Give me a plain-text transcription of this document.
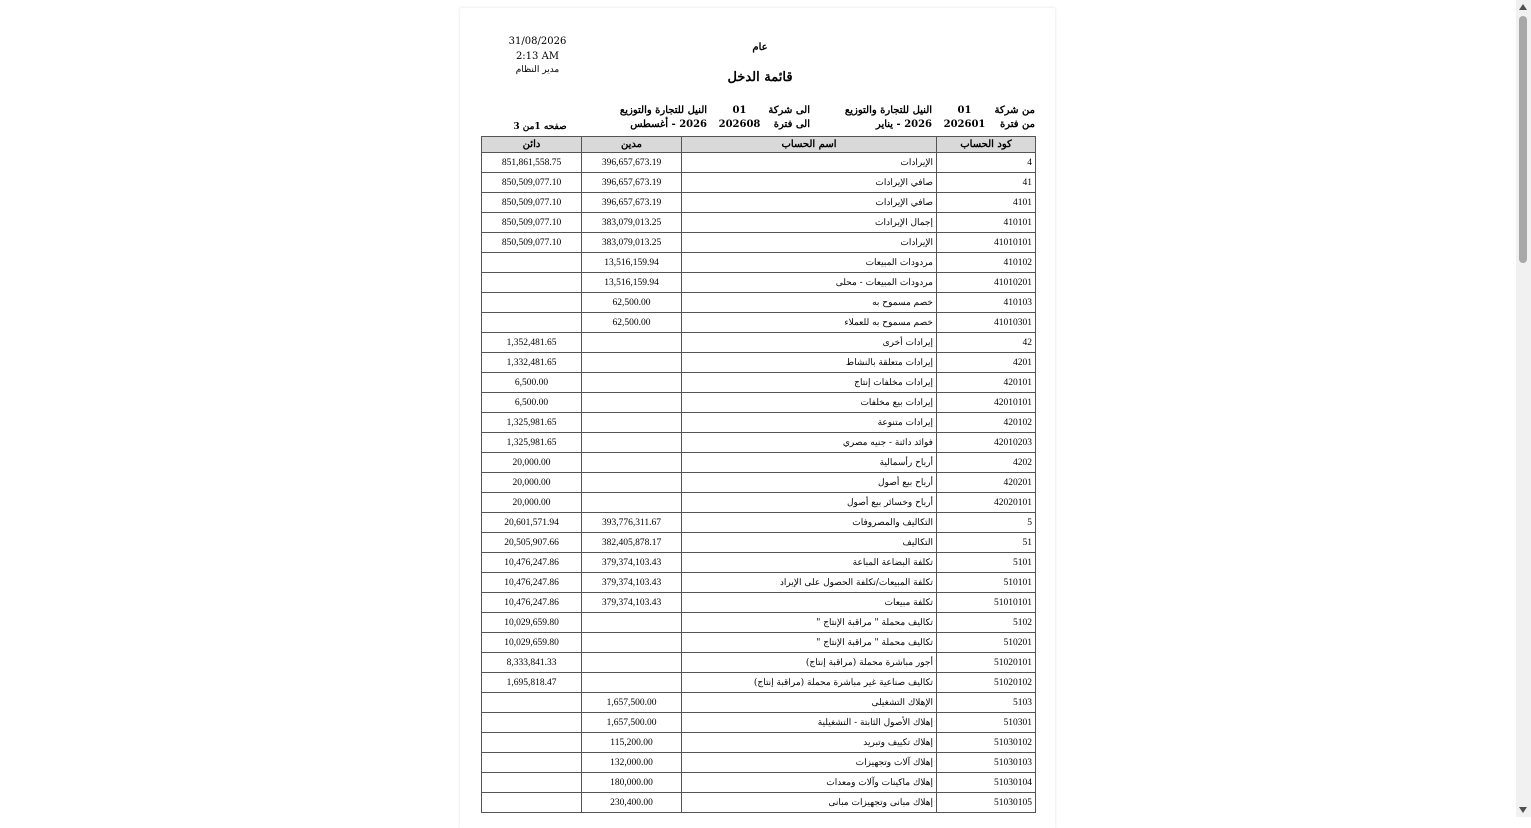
31/08/2026
2:13 AM
مدير النظام
عام
قائمة الدخل
من شركة 01 النيل للتجارة والتوزيع
من فترة 202601 2026 - يناير
الى شركة 01 النيل للتجارة والتوزيع
الى فترة 202608 2026 - أغسطس
صفحه 1من 3
دائن	مدين	اسم الحساب	كود الحساب
851,861,558.75	396,657,673.19	الإيرادات	4
850,509,077.10	396,657,673.19	صافي الإيرادات	41
850,509,077.10	396,657,673.19	صافي الإيرادات	4101
850,509,077.10	383,079,013.25	إجمال الإيرادات	410101
850,509,077.10	383,079,013.25	الإيرادات	41010101
	13,516,159.94	مردودات المبيعات	410102
	13,516,159.94	مردودات المبيعات - محلى	41010201
	62,500.00	خصم مسموح به	410103
	62,500.00	خصم مسموح به للعملاء	41010301
1,352,481.65		إيرادات أخرى	42
1,332,481.65		إيرادات متعلقة بالنشاط	4201
6,500.00		إيرادات مخلفات إنتاج	420101
6,500.00		إيرادات بيع مخلفات	42010101
1,325,981.65		إيرادات متنوعة	420102
1,325,981.65		فوائد دائنة - جنيه مصري	42010203
20,000.00		أرباح رأسمالية	4202
20,000.00		أرباح بيع أصول	420201
20,000.00		أرباح وخسائر بيع أصول	42020101
20,601,571.94	393,776,311.67	التكاليف والمصروفات	5
20,505,907.66	382,405,878.17	التكاليف	51
10,476,247.86	379,374,103.43	تكلفة البضاعة المباعة	5101
10,476,247.86	379,374,103.43	تكلفة المبيعات/تكلفة الحصول على الإيراد	510101
10,476,247.86	379,374,103.43	تكلفة مبيعات	51010101
10,029,659.80		تكاليف محملة " مراقبة الإنتاج "	5102
10,029,659.80		تكاليف محملة " مراقبة الإنتاج "	510201
8,333,841.33		أجور مباشرة محملة (مراقبة إنتاج)	51020101
1,695,818.47		تكاليف صناعية غير مباشرة محملة (مراقبة إنتاج)	51020102
	1,657,500.00	الإهلاك التشغيلى	5103
	1,657,500.00	إهلاك الأصول الثابتة - التشغيلية	510301
	115,200.00	إهلاك تكييف وتبريد	51030102
	132,000.00	إهلاك آلات وتجهيزات	51030103
	180,000.00	إهلاك ماكينات وآلات ومعدات	51030104
	230,400.00	إهلاك مبانى وتجهيزات مبانى	51030105
